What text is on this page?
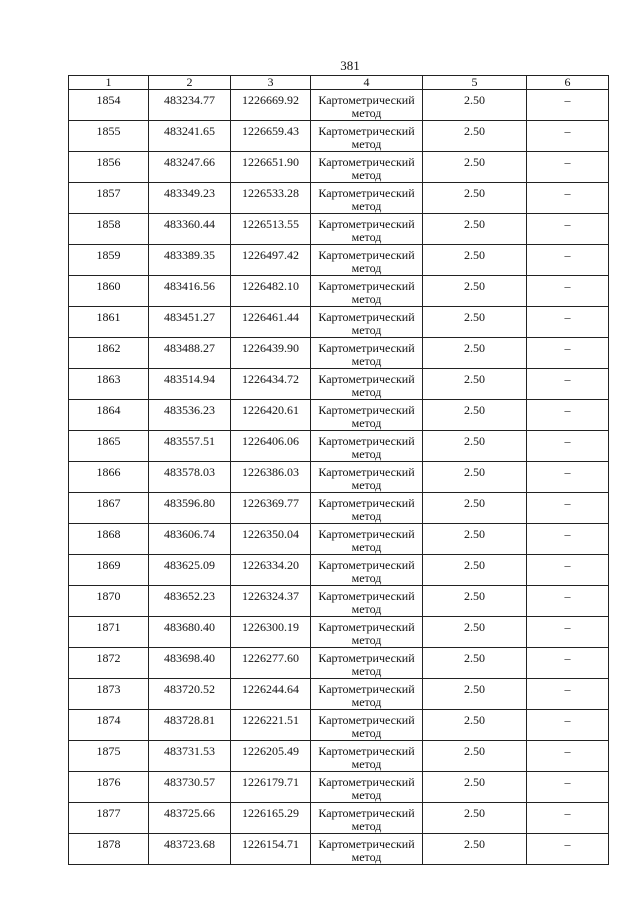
381
1	2	3	4	5	6
1854	483234.77	1226669.92	Картометрический метод	2.50	–
1855	483241.65	1226659.43	Картометрический метод	2.50	–
1856	483247.66	1226651.90	Картометрический метод	2.50	–
1857	483349.23	1226533.28	Картометрический метод	2.50	–
1858	483360.44	1226513.55	Картометрический метод	2.50	–
1859	483389.35	1226497.42	Картометрический метод	2.50	–
1860	483416.56	1226482.10	Картометрический метод	2.50	–
1861	483451.27	1226461.44	Картометрический метод	2.50	–
1862	483488.27	1226439.90	Картометрический метод	2.50	–
1863	483514.94	1226434.72	Картометрический метод	2.50	–
1864	483536.23	1226420.61	Картометрический метод	2.50	–
1865	483557.51	1226406.06	Картометрический метод	2.50	–
1866	483578.03	1226386.03	Картометрический метод	2.50	–
1867	483596.80	1226369.77	Картометрический метод	2.50	–
1868	483606.74	1226350.04	Картометрический метод	2.50	–
1869	483625.09	1226334.20	Картометрический метод	2.50	–
1870	483652.23	1226324.37	Картометрический метод	2.50	–
1871	483680.40	1226300.19	Картометрический метод	2.50	–
1872	483698.40	1226277.60	Картометрический метод	2.50	–
1873	483720.52	1226244.64	Картометрический метод	2.50	–
1874	483728.81	1226221.51	Картометрический метод	2.50	–
1875	483731.53	1226205.49	Картометрический метод	2.50	–
1876	483730.57	1226179.71	Картометрический метод	2.50	–
1877	483725.66	1226165.29	Картометрический метод	2.50	–
1878	483723.68	1226154.71	Картометрический метод	2.50	–
